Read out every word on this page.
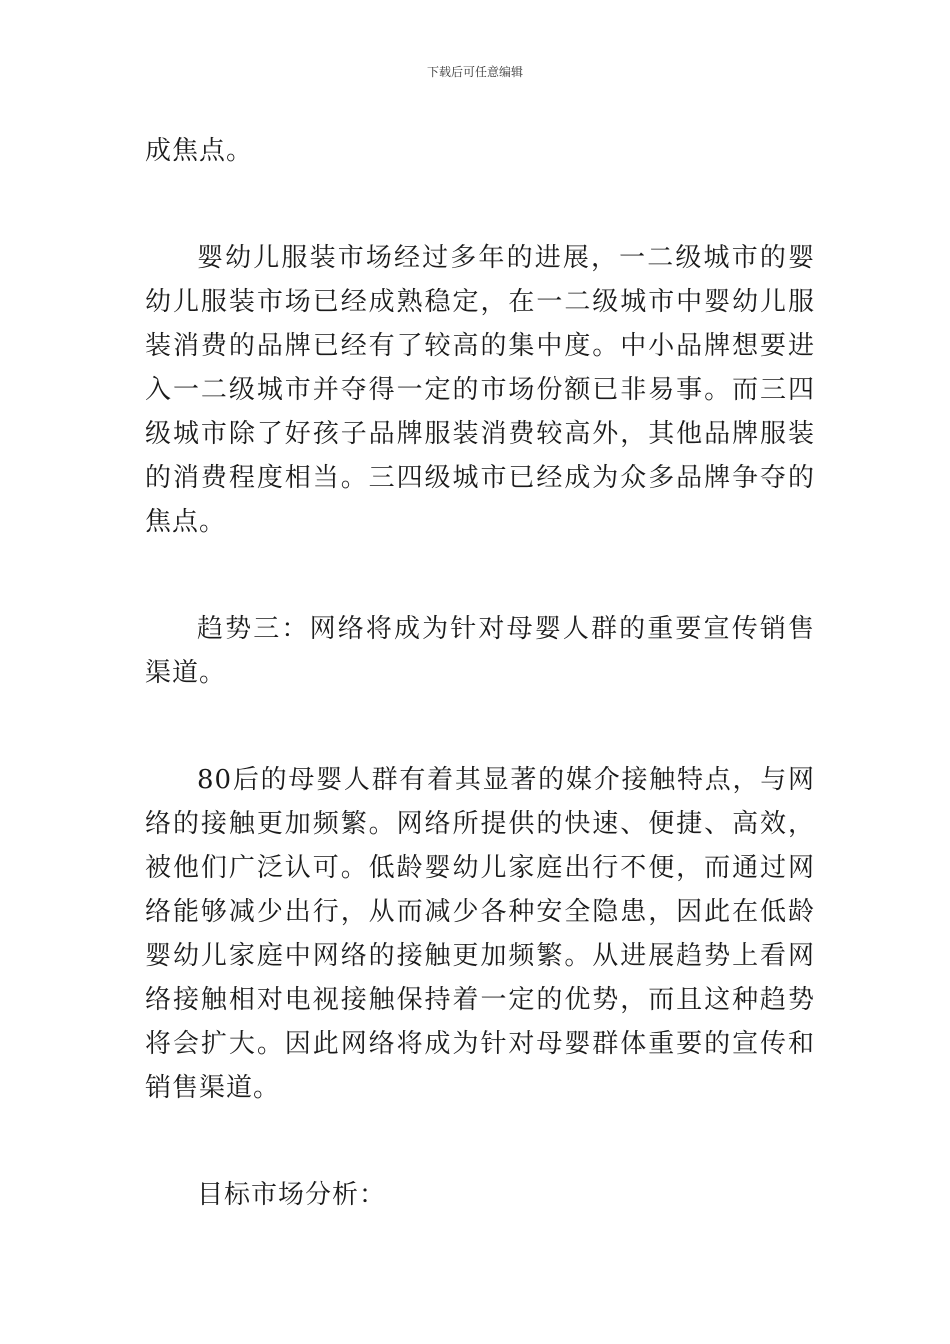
下载后可任意编辑

成焦点。

婴幼儿服装市场经过多年的进展，一二级城市的婴幼儿服装市场已经成熟稳定，在一二级城市中婴幼儿服装消费的品牌已经有了较高的集中度。中小品牌想要进入一二级城市并夺得一定的市场份额已非易事。而三四级城市除了好孩子品牌服装消费较高外，其他品牌服装的消费程度相当。三四级城市已经成为众多品牌争夺的焦点。

趋势三：网络将成为针对母婴人群的重要宣传销售渠道。

80后的母婴人群有着其显著的媒介接触特点，与网络的接触更加频繁。网络所提供的快速、便捷、高效，被他们广泛认可。低龄婴幼儿家庭出行不便，而通过网络能够减少出行，从而减少各种安全隐患，因此在低龄婴幼儿家庭中网络的接触更加频繁。从进展趋势上看网络接触相对电视接触保持着一定的优势，而且这种趋势将会扩大。因此网络将成为针对母婴群体重要的宣传和销售渠道。

目标市场分析：
